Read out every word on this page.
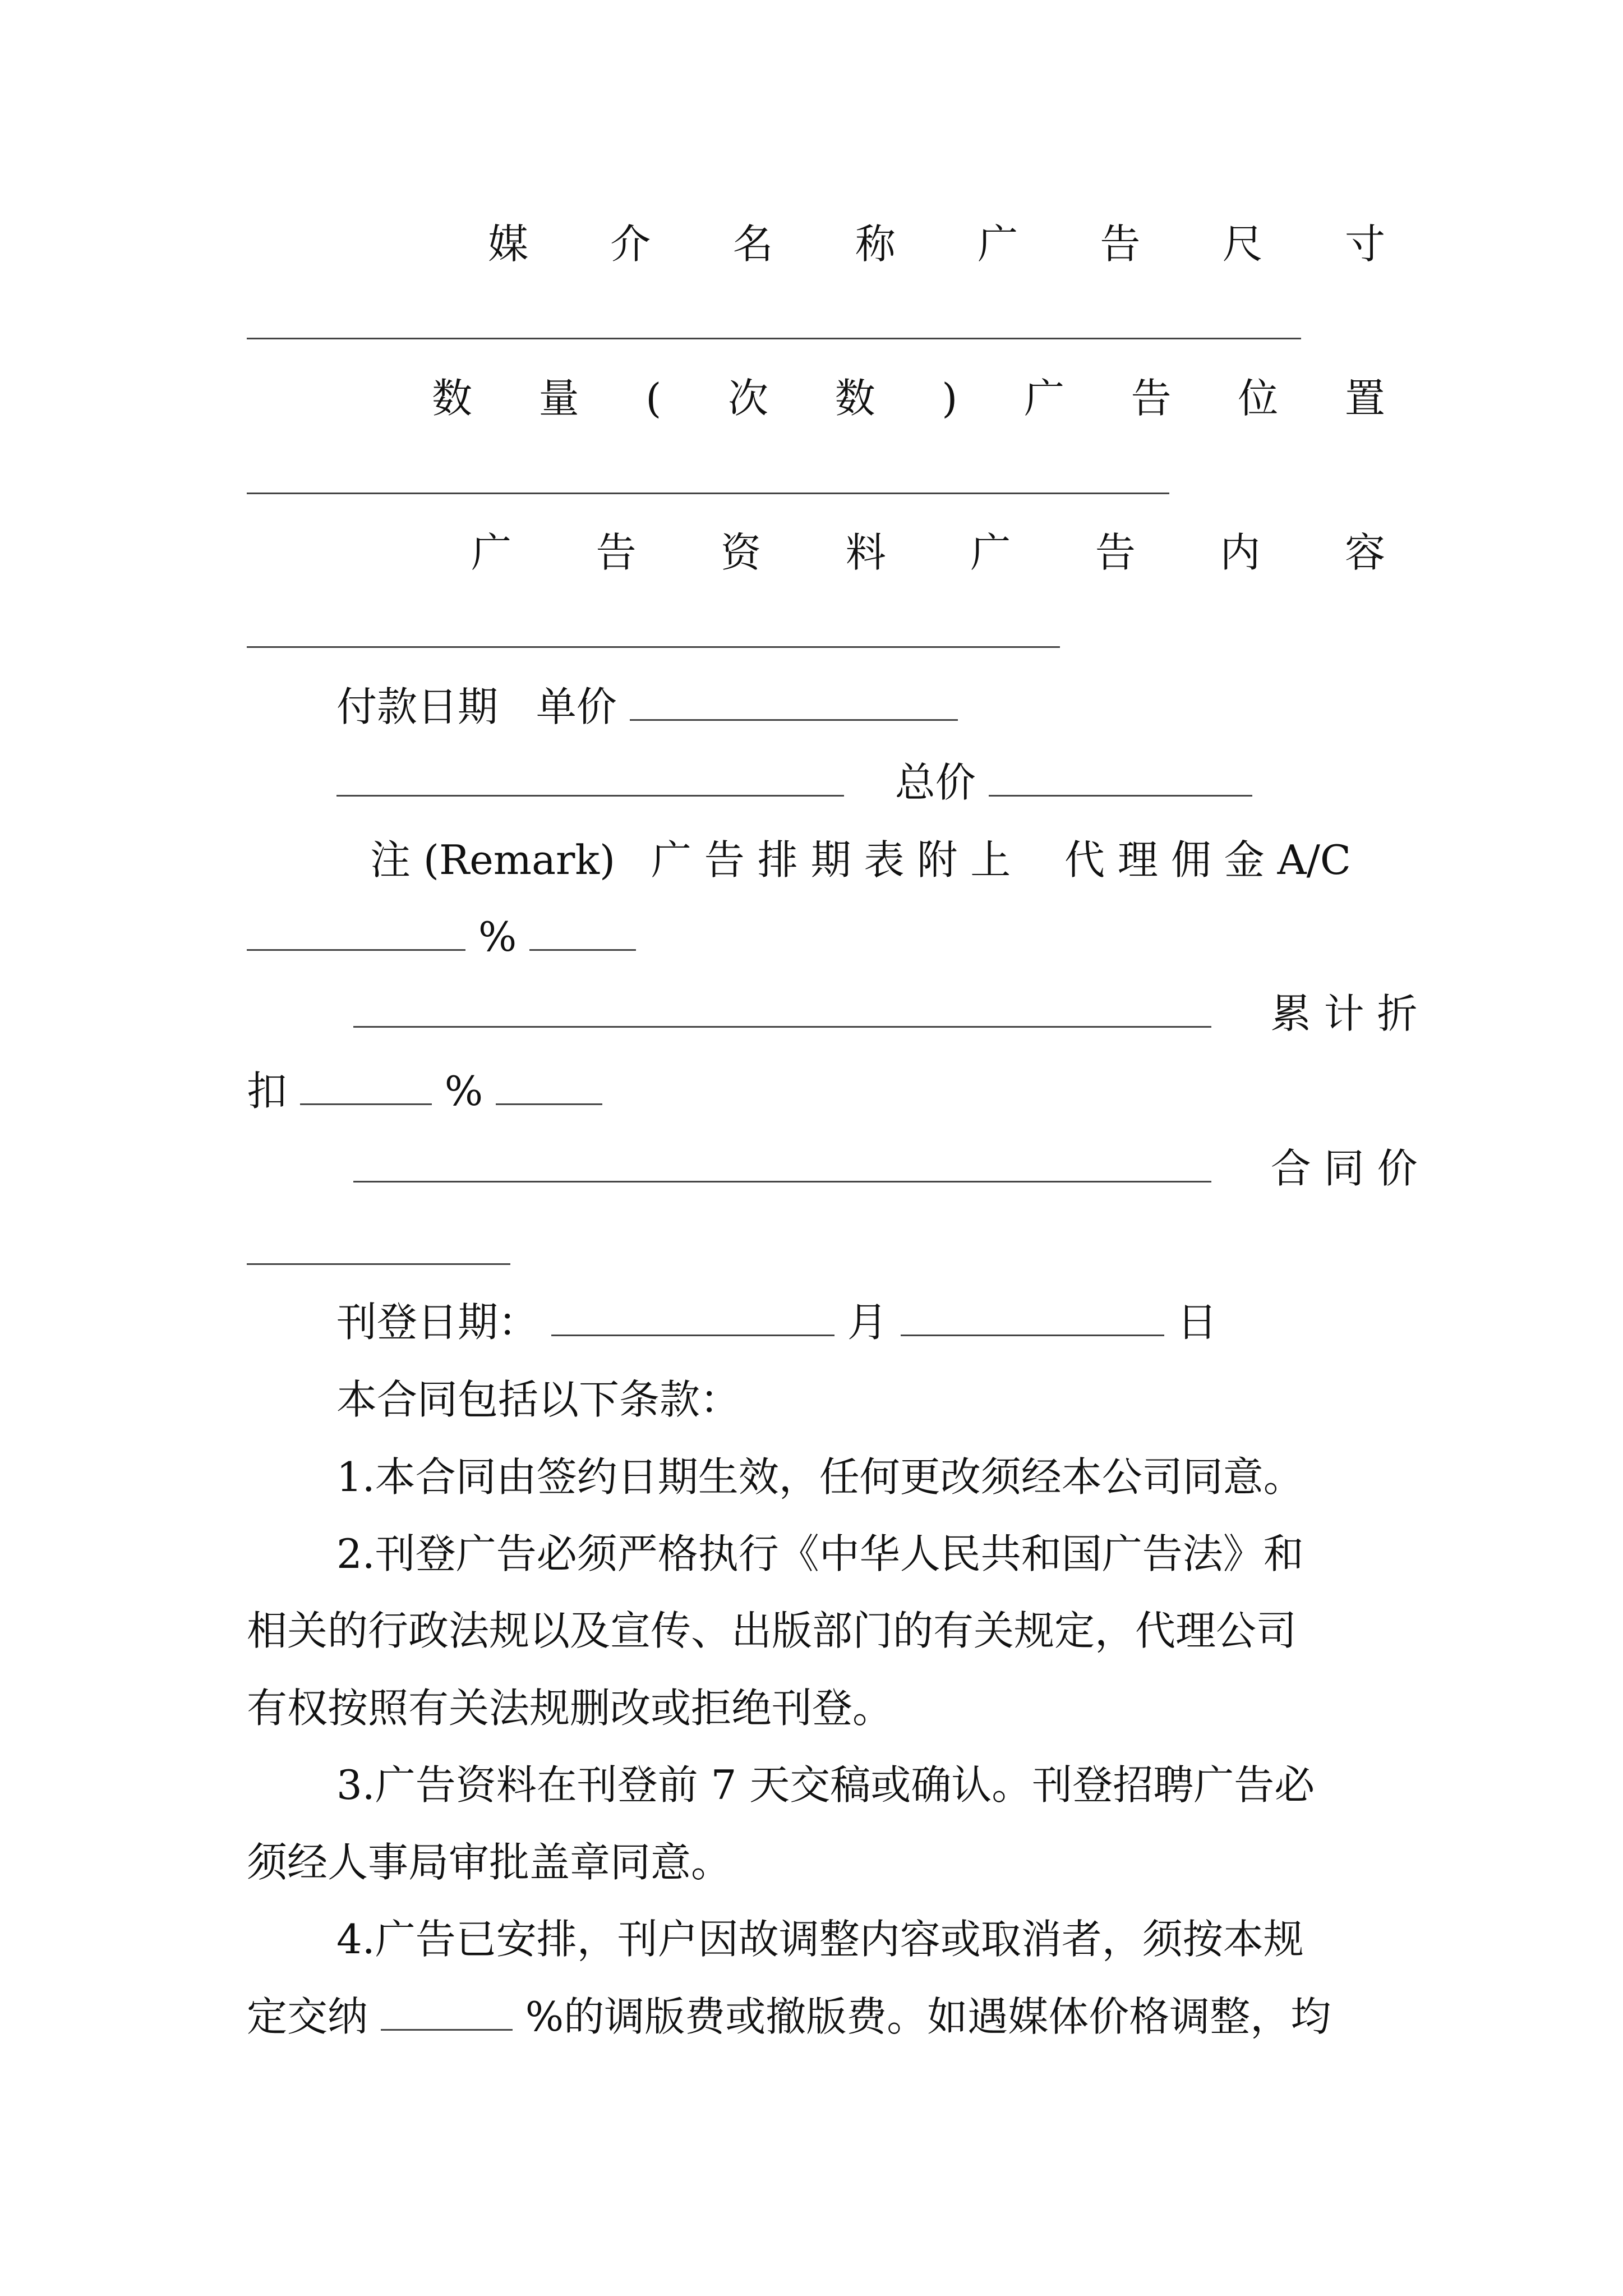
媒 介 名 称 广 告 尺 寸
数 量 ( 次 数 ) 广 告 位 置
广 告 资 料 广 告 内 容
付款日期 单价
总价
注 (Remark) 广 告 排 期 表 附 上 代 理 佣 金 A/C
%
累 计 折
扣	%
合 同 价
刊登日期：	月	日
本合同包括以下条款：
1.本合同由签约日期生效，任何更改须经本公司同意。
2.刊登广告必须严格执行《中华人民共和国广告法》和
相关的行政法规以及宣传、出版部门的有关规定，代理公司
有权按照有关法规删改或拒绝刊登。
3.广告资料在刊登前 7 天交稿或确认。刊登招聘广告必
须经人事局审批盖章同意。
4.广告已安排，刊户因故调整内容或取消者，须按本规
定交纳	%的调版费或撤版费。如遇媒体价格调整，均
